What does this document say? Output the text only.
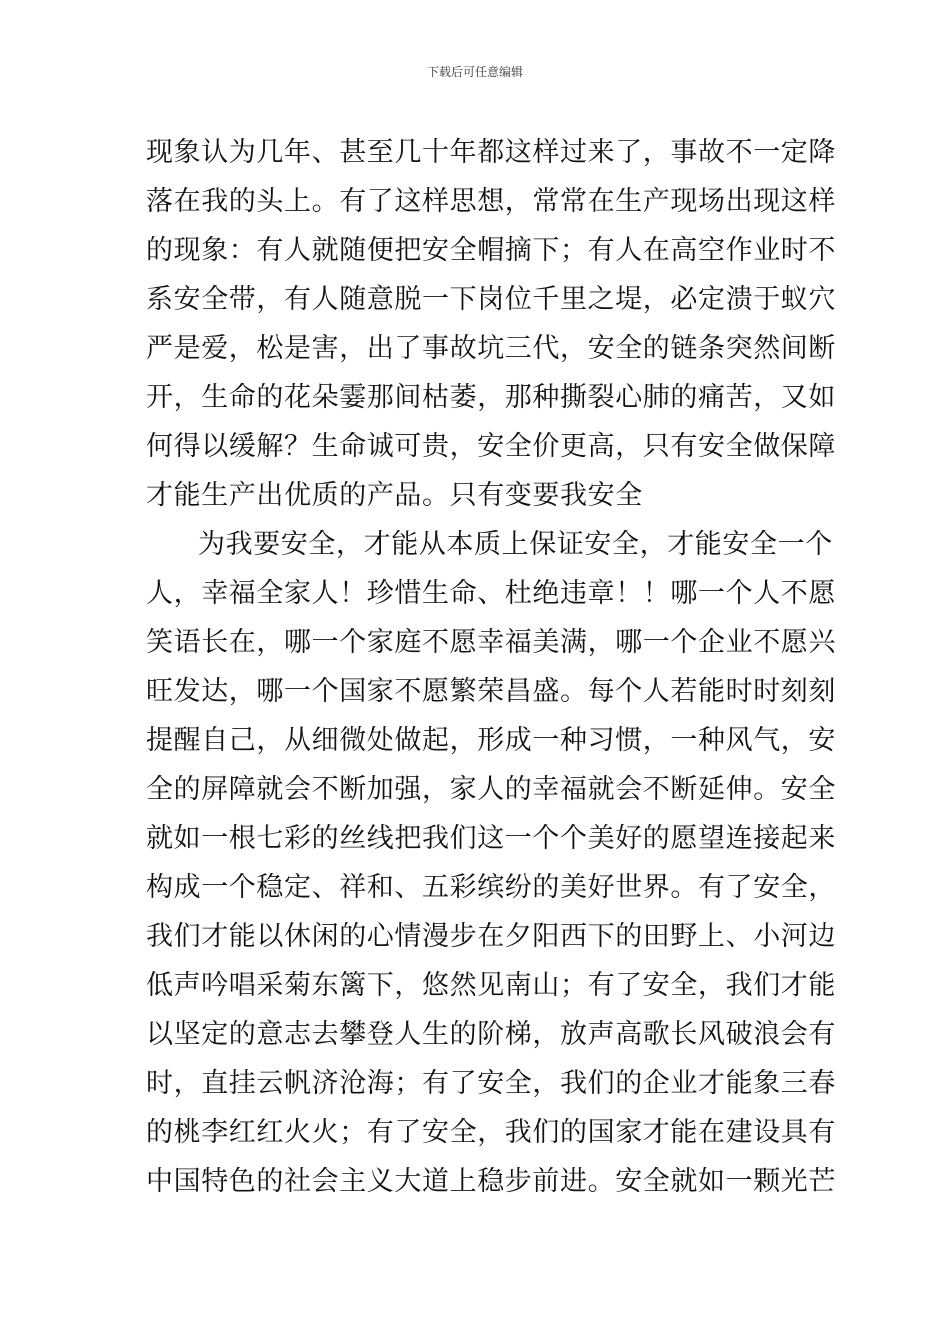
下载后可任意编辑
现象认为几年、甚至几十年都这样过来了，事故不一定降
落在我的头上。有了这样思想，常常在生产现场出现这样
的现象：有人就随便把安全帽摘下；有人在高空作业时不
系安全带，有人随意脱一下岗位千里之堤，必定溃于蚁穴
严是爱，松是害，出了事故坑三代，安全的链条突然间断
开，生命的花朵霎那间枯萎，那种撕裂心肺的痛苦，又如
何得以缓解？生命诚可贵，安全价更高，只有安全做保障
才能生产出优质的产品。只有变要我安全
为我要安全，才能从本质上保证安全，才能安全一个
人，幸福全家人！珍惜生命、杜绝违章！！哪一个人不愿
笑语长在，哪一个家庭不愿幸福美满，哪一个企业不愿兴
旺发达，哪一个国家不愿繁荣昌盛。每个人若能时时刻刻
提醒自己，从细微处做起，形成一种习惯，一种风气，安
全的屏障就会不断加强，家人的幸福就会不断延伸。安全
就如一根七彩的丝线把我们这一个个美好的愿望连接起来
构成一个稳定、祥和、五彩缤纷的美好世界。有了安全，
我们才能以休闲的心情漫步在夕阳西下的田野上、小河边
低声吟唱采菊东篱下，悠然见南山；有了安全，我们才能
以坚定的意志去攀登人生的阶梯，放声高歌长风破浪会有
时，直挂云帆济沧海；有了安全，我们的企业才能象三春
的桃李红红火火；有了安全，我们的国家才能在建设具有
中国特色的社会主义大道上稳步前进。安全就如一颗光芒
